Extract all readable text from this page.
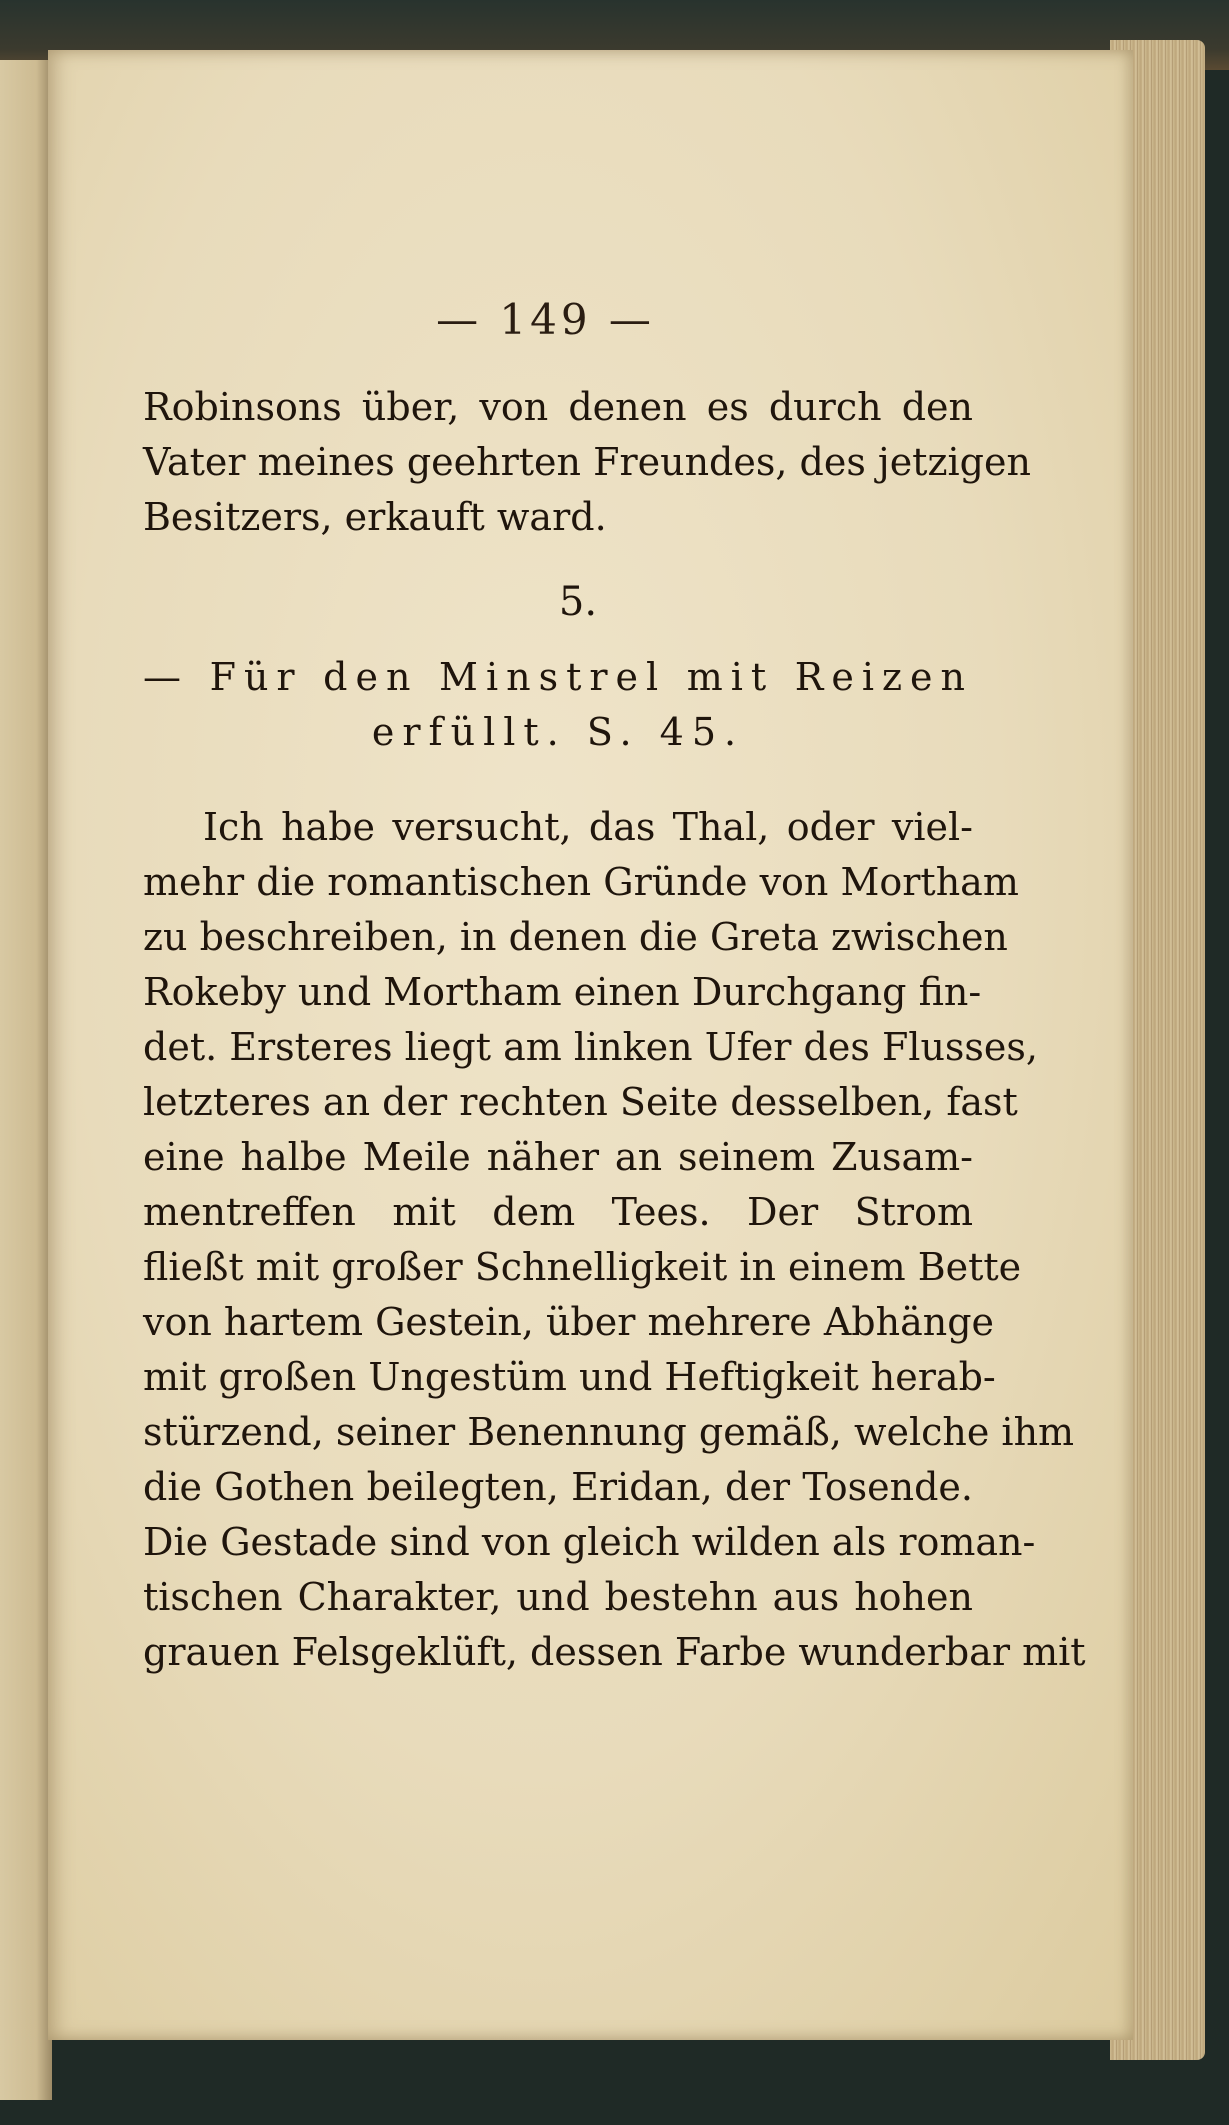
— 149 —
Robinsons über, von denen es durch den
Vater meines geehrten Freundes, des jetzigen
Besitzers, erkauft ward.
5.
— Für den Minstrel mit Reizen
erfüllt. S. 45.
Ich habe versucht, das Thal, oder viel-
mehr die romantischen Gründe von Mortham
zu beschreiben, in denen die Greta zwischen
Rokeby und Mortham einen Durchgang fin-
det. Ersteres liegt am linken Ufer des Flusses,
letzteres an der rechten Seite desselben, fast
eine halbe Meile näher an seinem Zusam-
mentreffen mit dem Tees. Der Strom
fließt mit großer Schnelligkeit in einem Bette
von hartem Gestein, über mehrere Abhänge
mit großen Ungestüm und Heftigkeit herab-
stürzend, seiner Benennung gemäß, welche ihm
die Gothen beilegten, Eridan, der Tosende.
Die Gestade sind von gleich wilden als roman-
tischen Charakter, und bestehn aus hohen
grauen Felsgeklüft, dessen Farbe wunderbar mit
